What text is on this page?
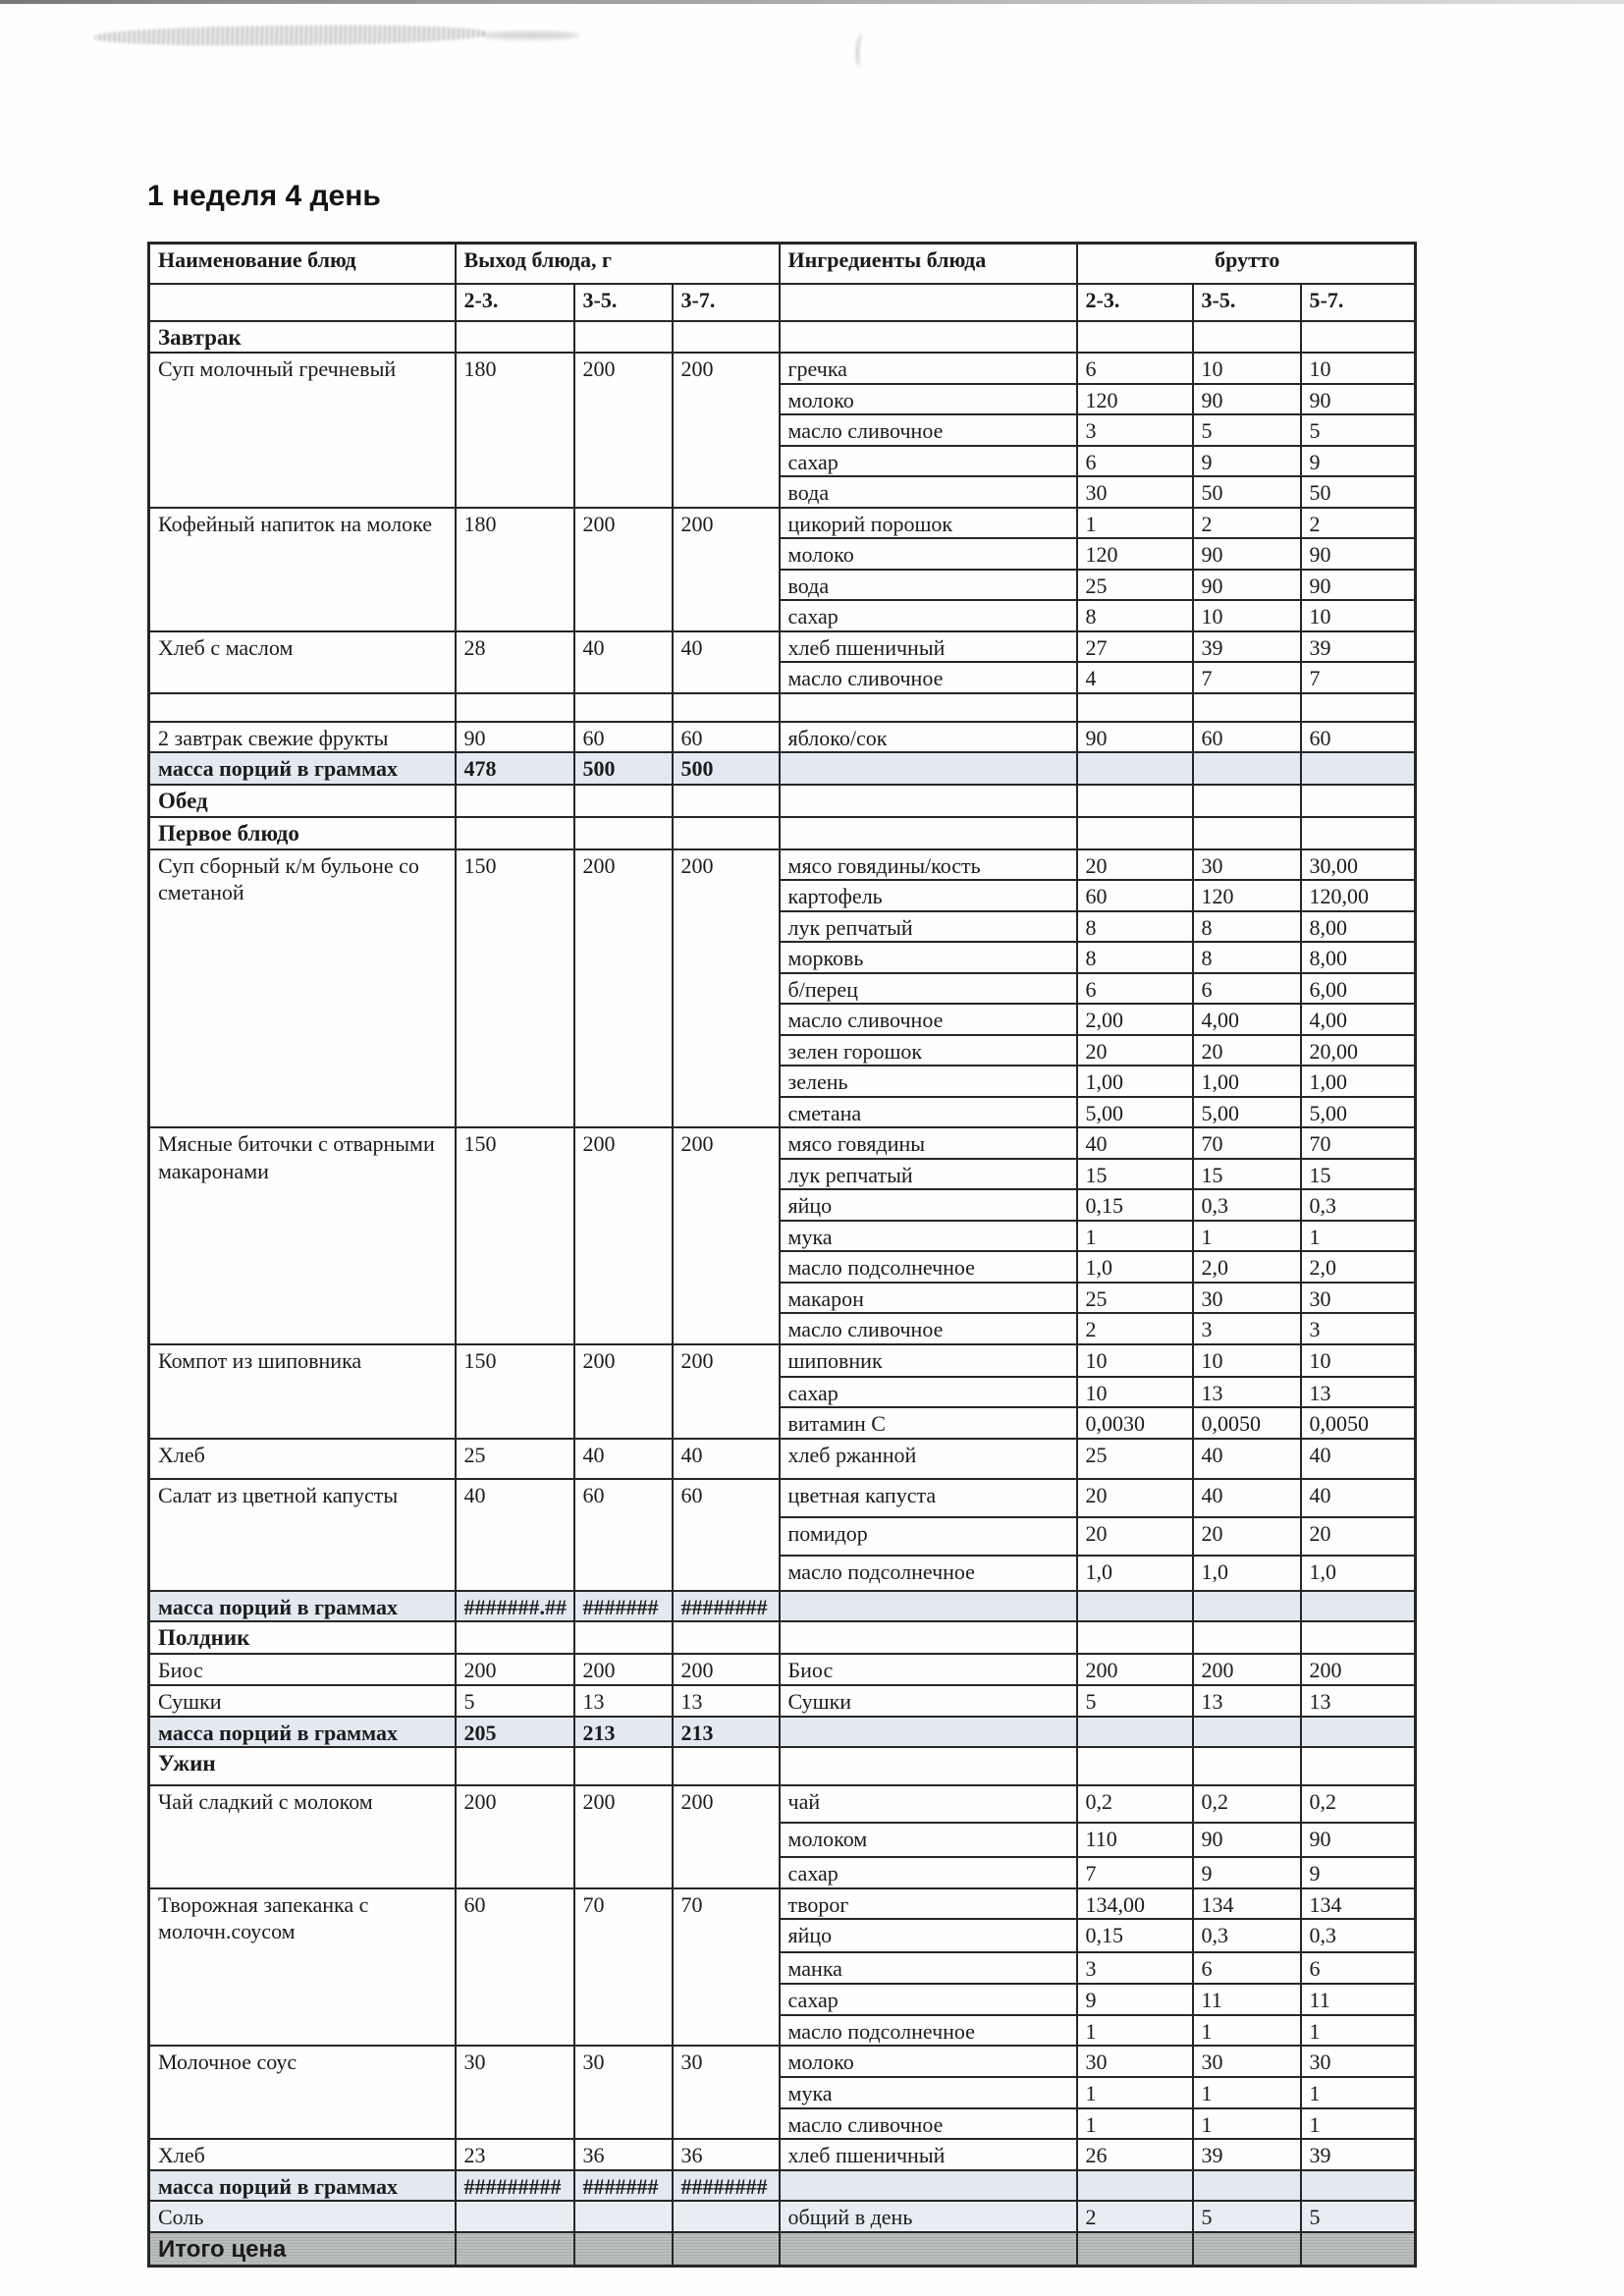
1 неделя 4 день
Наименование блюд	Выход блюда, г			Ингредиенты блюда	брутто		
	2-3.	3-5.	3-7.		2-3.	3-5.	5-7.
Завтрак							
Суп молочный гречневый	180	200	200	гречка	6	10	10
				молоко	120	90	90
				масло сливочное	3	5	5
				сахар	6	9	9
				вода	30	50	50
Кофейный напиток на молоке	180	200	200	цикорий порошок	1	2	2
				молоко	120	90	90
				вода	25	90	90
				сахар	8	10	10
Хлеб с маслом	28	40	40	хлеб пшеничный	27	39	39
				масло сливочное	4	7	7

2 завтрак свежие фрукты	90	60	60	яблоко/сок	90	60	60
масса порций в граммах	478	500	500				
Обед							
Первое блюдо							
Суп сборный к/м бульоне со сметаной	150	200	200	мясо говядины/кость	20	30	30,00
				картофель	60	120	120,00
				лук репчатый	8	8	8,00
				морковь	8	8	8,00
				б/перец	6	6	6,00
				масло сливочное	2,00	4,00	4,00
				зелен горошок	20	20	20,00
				зелень	1,00	1,00	1,00
				сметана	5,00	5,00	5,00
Мясные биточки с отварными макаронами	150	200	200	мясо говядины	40	70	70
				лук репчатый	15	15	15
				яйцо	0,15	0,3	0,3
				мука	1	1	1
				масло подсолнечное	1,0	2,0	2,0
				макарон	25	30	30
				масло сливочное	2	3	3
Компот из шиповника	150	200	200	шиповник	10	10	10
				сахар	10	13	13
				витамин С	0,0030	0,0050	0,0050
Хлеб	25	40	40	хлеб ржанной	25	40	40
Салат из цветной капусты	40	60	60	цветная капуста	20	40	40
				помидор	20	20	20
				масло подсолнечное	1,0	1,0	1,0
масса порций в граммах	#######.##	#######	########				
Полдник							
Биос	200	200	200	Биос	200	200	200
Сушки	5	13	13	Сушки	5	13	13
масса порций в граммах	205	213	213				
Ужин							
Чай сладкий с молоком	200	200	200	чай	0,2	0,2	0,2
				молоком	110	90	90
				сахар	7	9	9
Творожная запеканка с молочн.соусом	60	70	70	творог	134,00	134	134
				яйцо	0,15	0,3	0,3
				манка	3	6	6
				сахар	9	11	11
				масло подсолнечное	1	1	1
Молочное соус	30	30	30	молоко	30	30	30
				мука	1	1	1
				масло сливочное	1	1	1
Хлеб	23	36	36	хлеб пшеничный	26	39	39
масса порций в граммах	#########	#######	########				
Соль				общий в день	2	5	5
Итого цена							
